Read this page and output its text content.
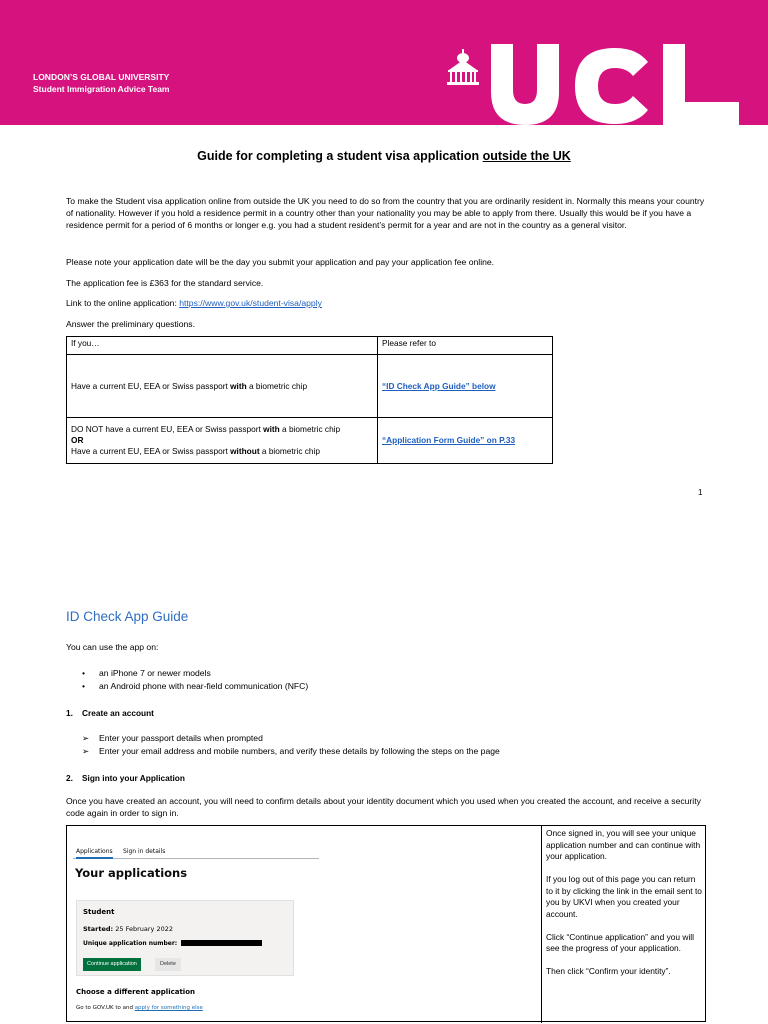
LONDON’S GLOBAL UNIVERSITY
Student Immigration Advice Team
Guide for completing a student visa application outside the UK
To make the Student visa application online from outside the UK you need to do so from the country that you are ordinarily resident in. Normally this means your country of nationality. However if you hold a residence permit in a country other than your nationality you may be able to apply from there. Usually this would be if you have a residence permit for a period of 6 months or longer e.g. you had a student resident’s permit for a year and are not in the country as a general visitor.
Please note your application date will be the day you submit your application and pay your application fee online.
The application fee is £363 for the standard service.
Link to the online application: https://www.gov.uk/student-visa/apply
Answer the preliminary questions.
If you…	Please refer to
Have a current EU, EEA or Swiss passport with a biometric chip	“ID Check App Guide” below

DO NOT have a current EU, EEA or Swiss passport with a biometric chip
OR
Have a current EU, EEA or Swiss passport without a biometric chip	“Application Form Guide” on P.33
1
ID Check App Guide
You can use the app on:
• an iPhone 7 or newer models
• an Android phone with near-field communication (NFC)
1. Create an account
➢ Enter your passport details when prompted
➢ Enter your email address and mobile numbers, and verify these details by following the steps on the page
2. Sign into your Application
Once you have created an account, you will need to confirm details about your identity document which you used when you created the account, and receive a security code again in order to sign in.
Applications Sign in details
Your applications
Student
Started: 25 February 2022
Unique application number:
Continue application	Delete
Choose a different application
Go to GOV.UK to and apply for something else

Once signed in, you will see your unique application number and can continue with your application.

If you log out of this page you can return to it by clicking the link in the email sent to you by UKVI when you created your account.

Click “Continue application” and you will see the progress of your application.

Then click “Confirm your identity”.
